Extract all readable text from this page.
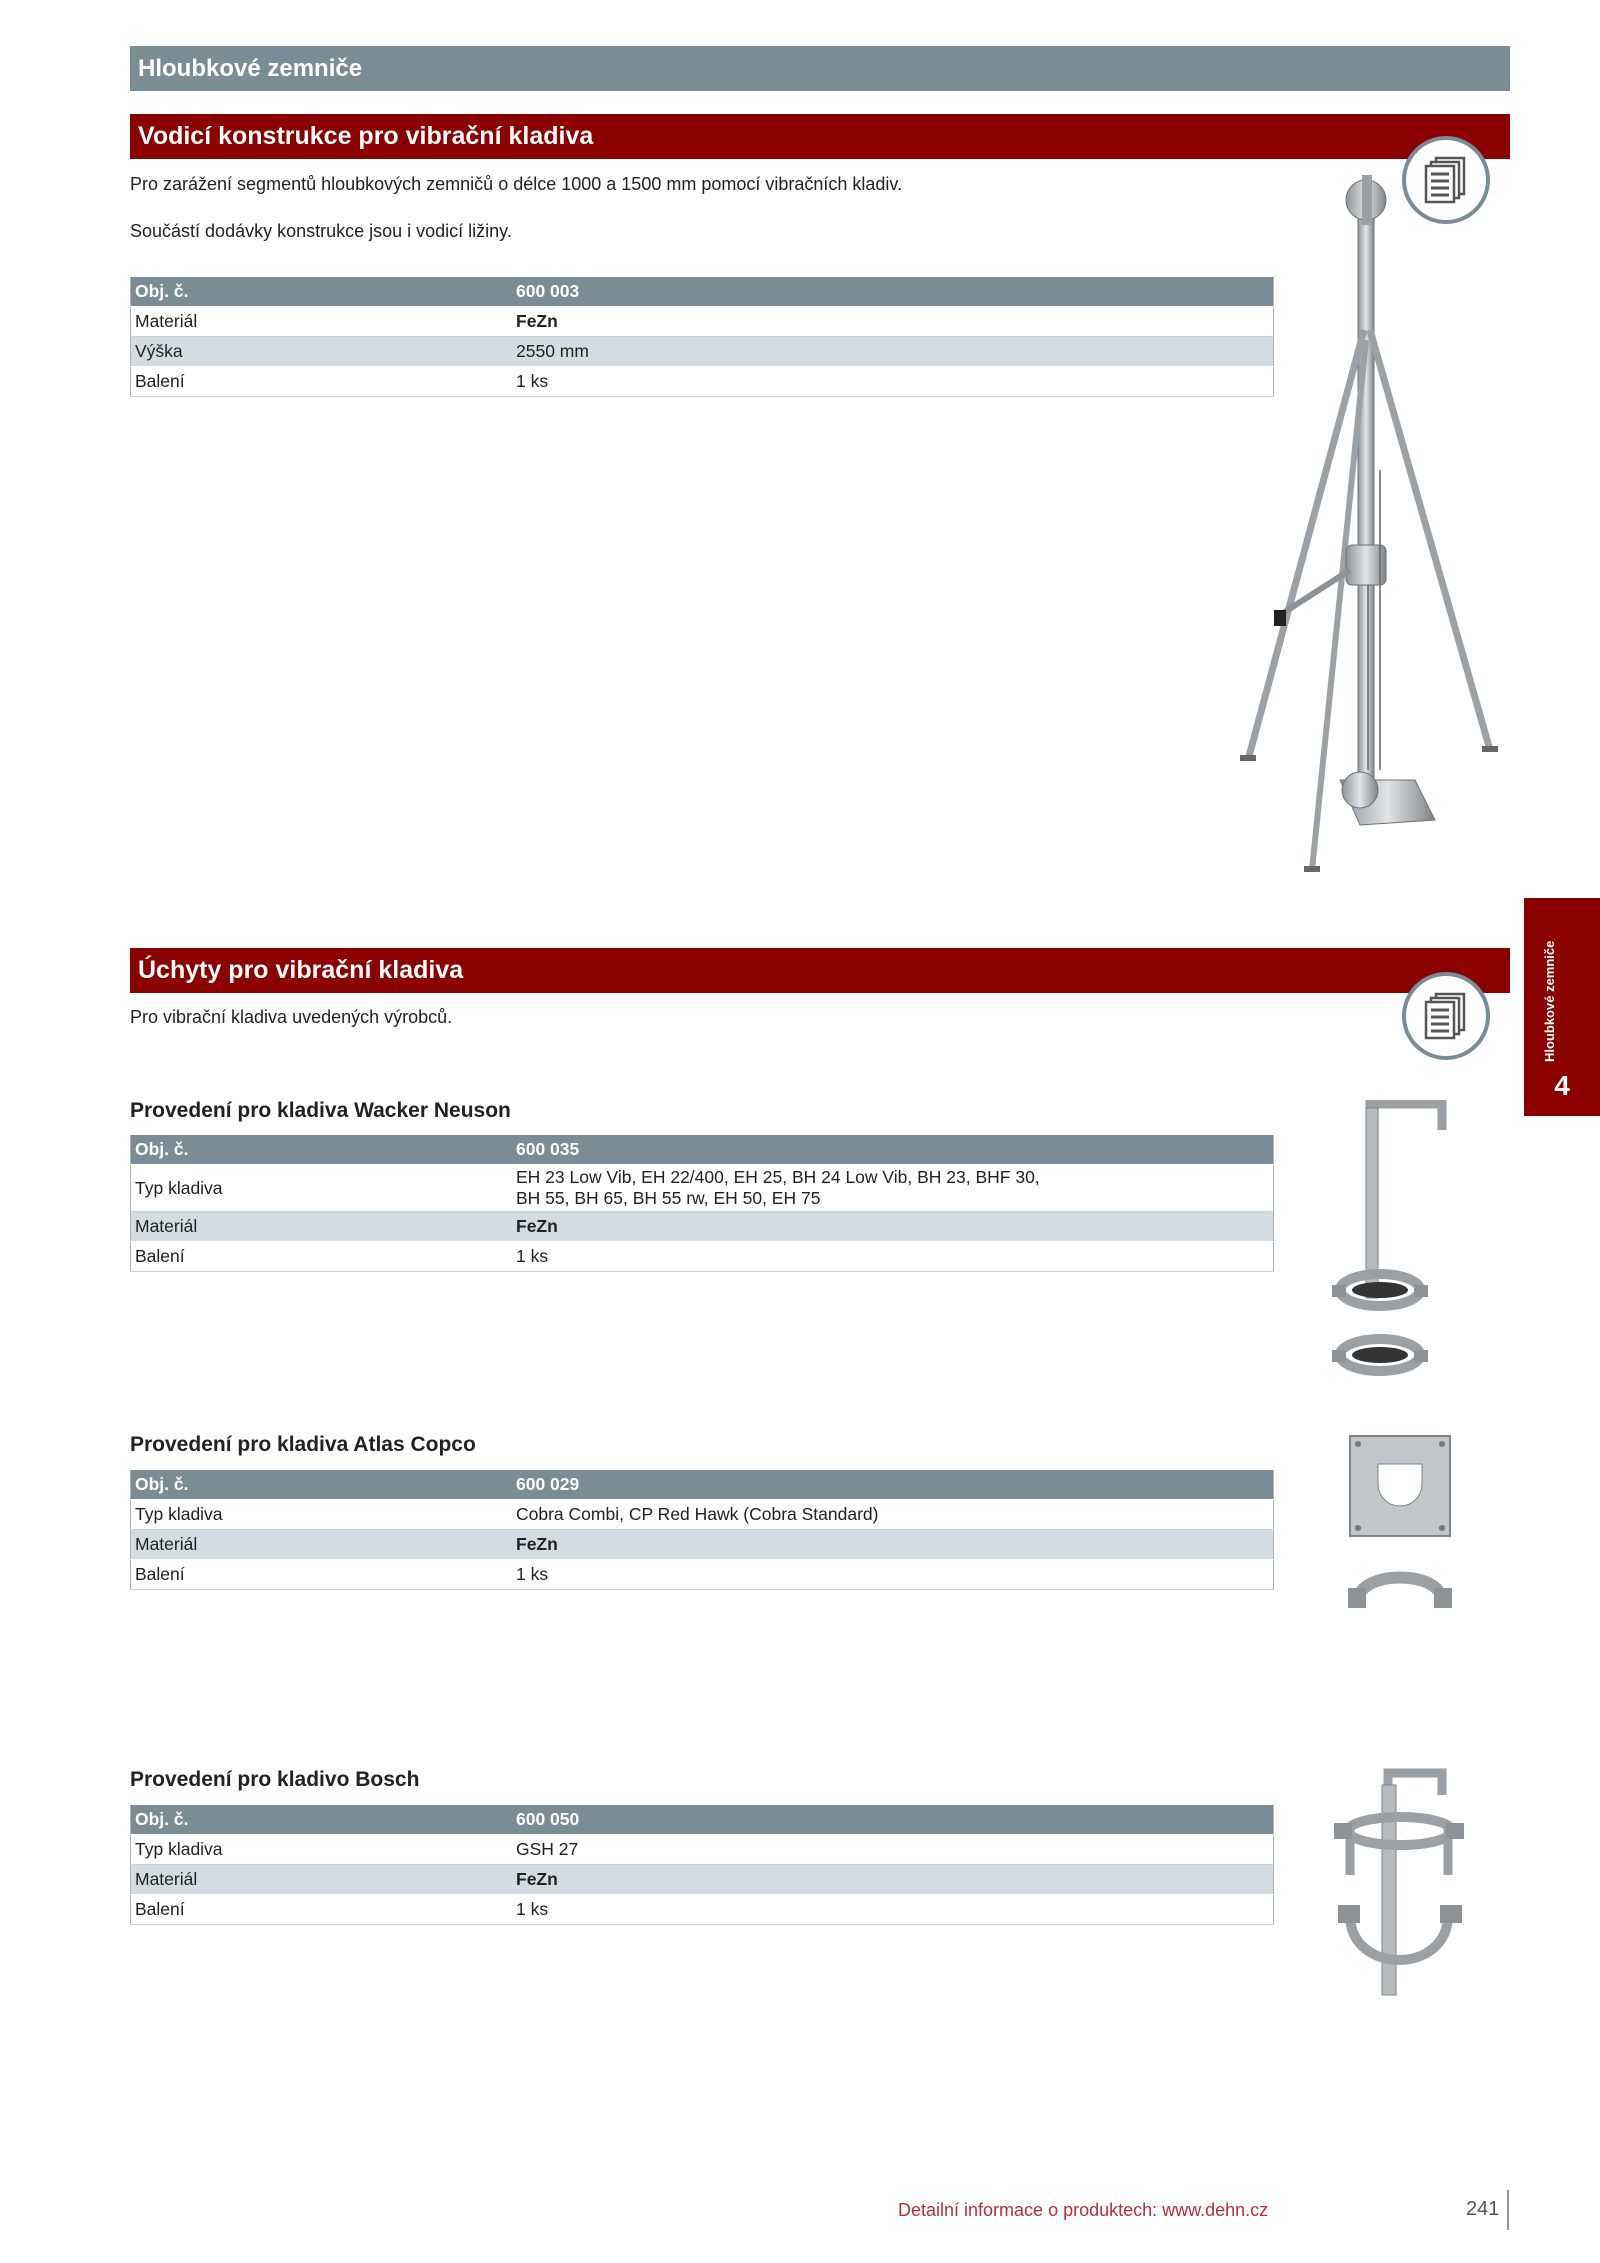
Hloubkové zemniče
Vodicí konstrukce pro vibrační kladiva
Pro zarážení segmentů hloubkových zemničů o délce 1000 a 1500 mm pomocí vibračních kladiv.
Součástí dodávky konstrukce jsou i vodicí ližiny.
Obj. č.	600 003
Materiál	FeZn
Výška	2550 mm
Balení	1 ks
Úchyty pro vibrační kladiva
Pro vibrační kladiva uvedených výrobců.
Provedení pro kladiva Wacker Neuson
Obj. č.	600 035
Typ kladiva	EH 23 Low Vib, EH 22/400, EH 25, BH 24 Low Vib, BH 23, BHF 30,
BH 55, BH 65, BH 55 rw, EH 50, EH 75

Materiál	FeZn
Balení	1 ks
Provedení pro kladiva Atlas Copco
Obj. č.	600 029
Typ kladiva	Cobra Combi, CP Red Hawk (Cobra Standard)
Materiál	FeZn
Balení	1 ks
Provedení pro kladivo Bosch
Obj. č.	600 050
Typ kladiva	GSH 27
Materiál	FeZn
Balení	1 ks
Hloubkové zemniče
4
Detailní informace o produktech: www.dehn.cz	241
